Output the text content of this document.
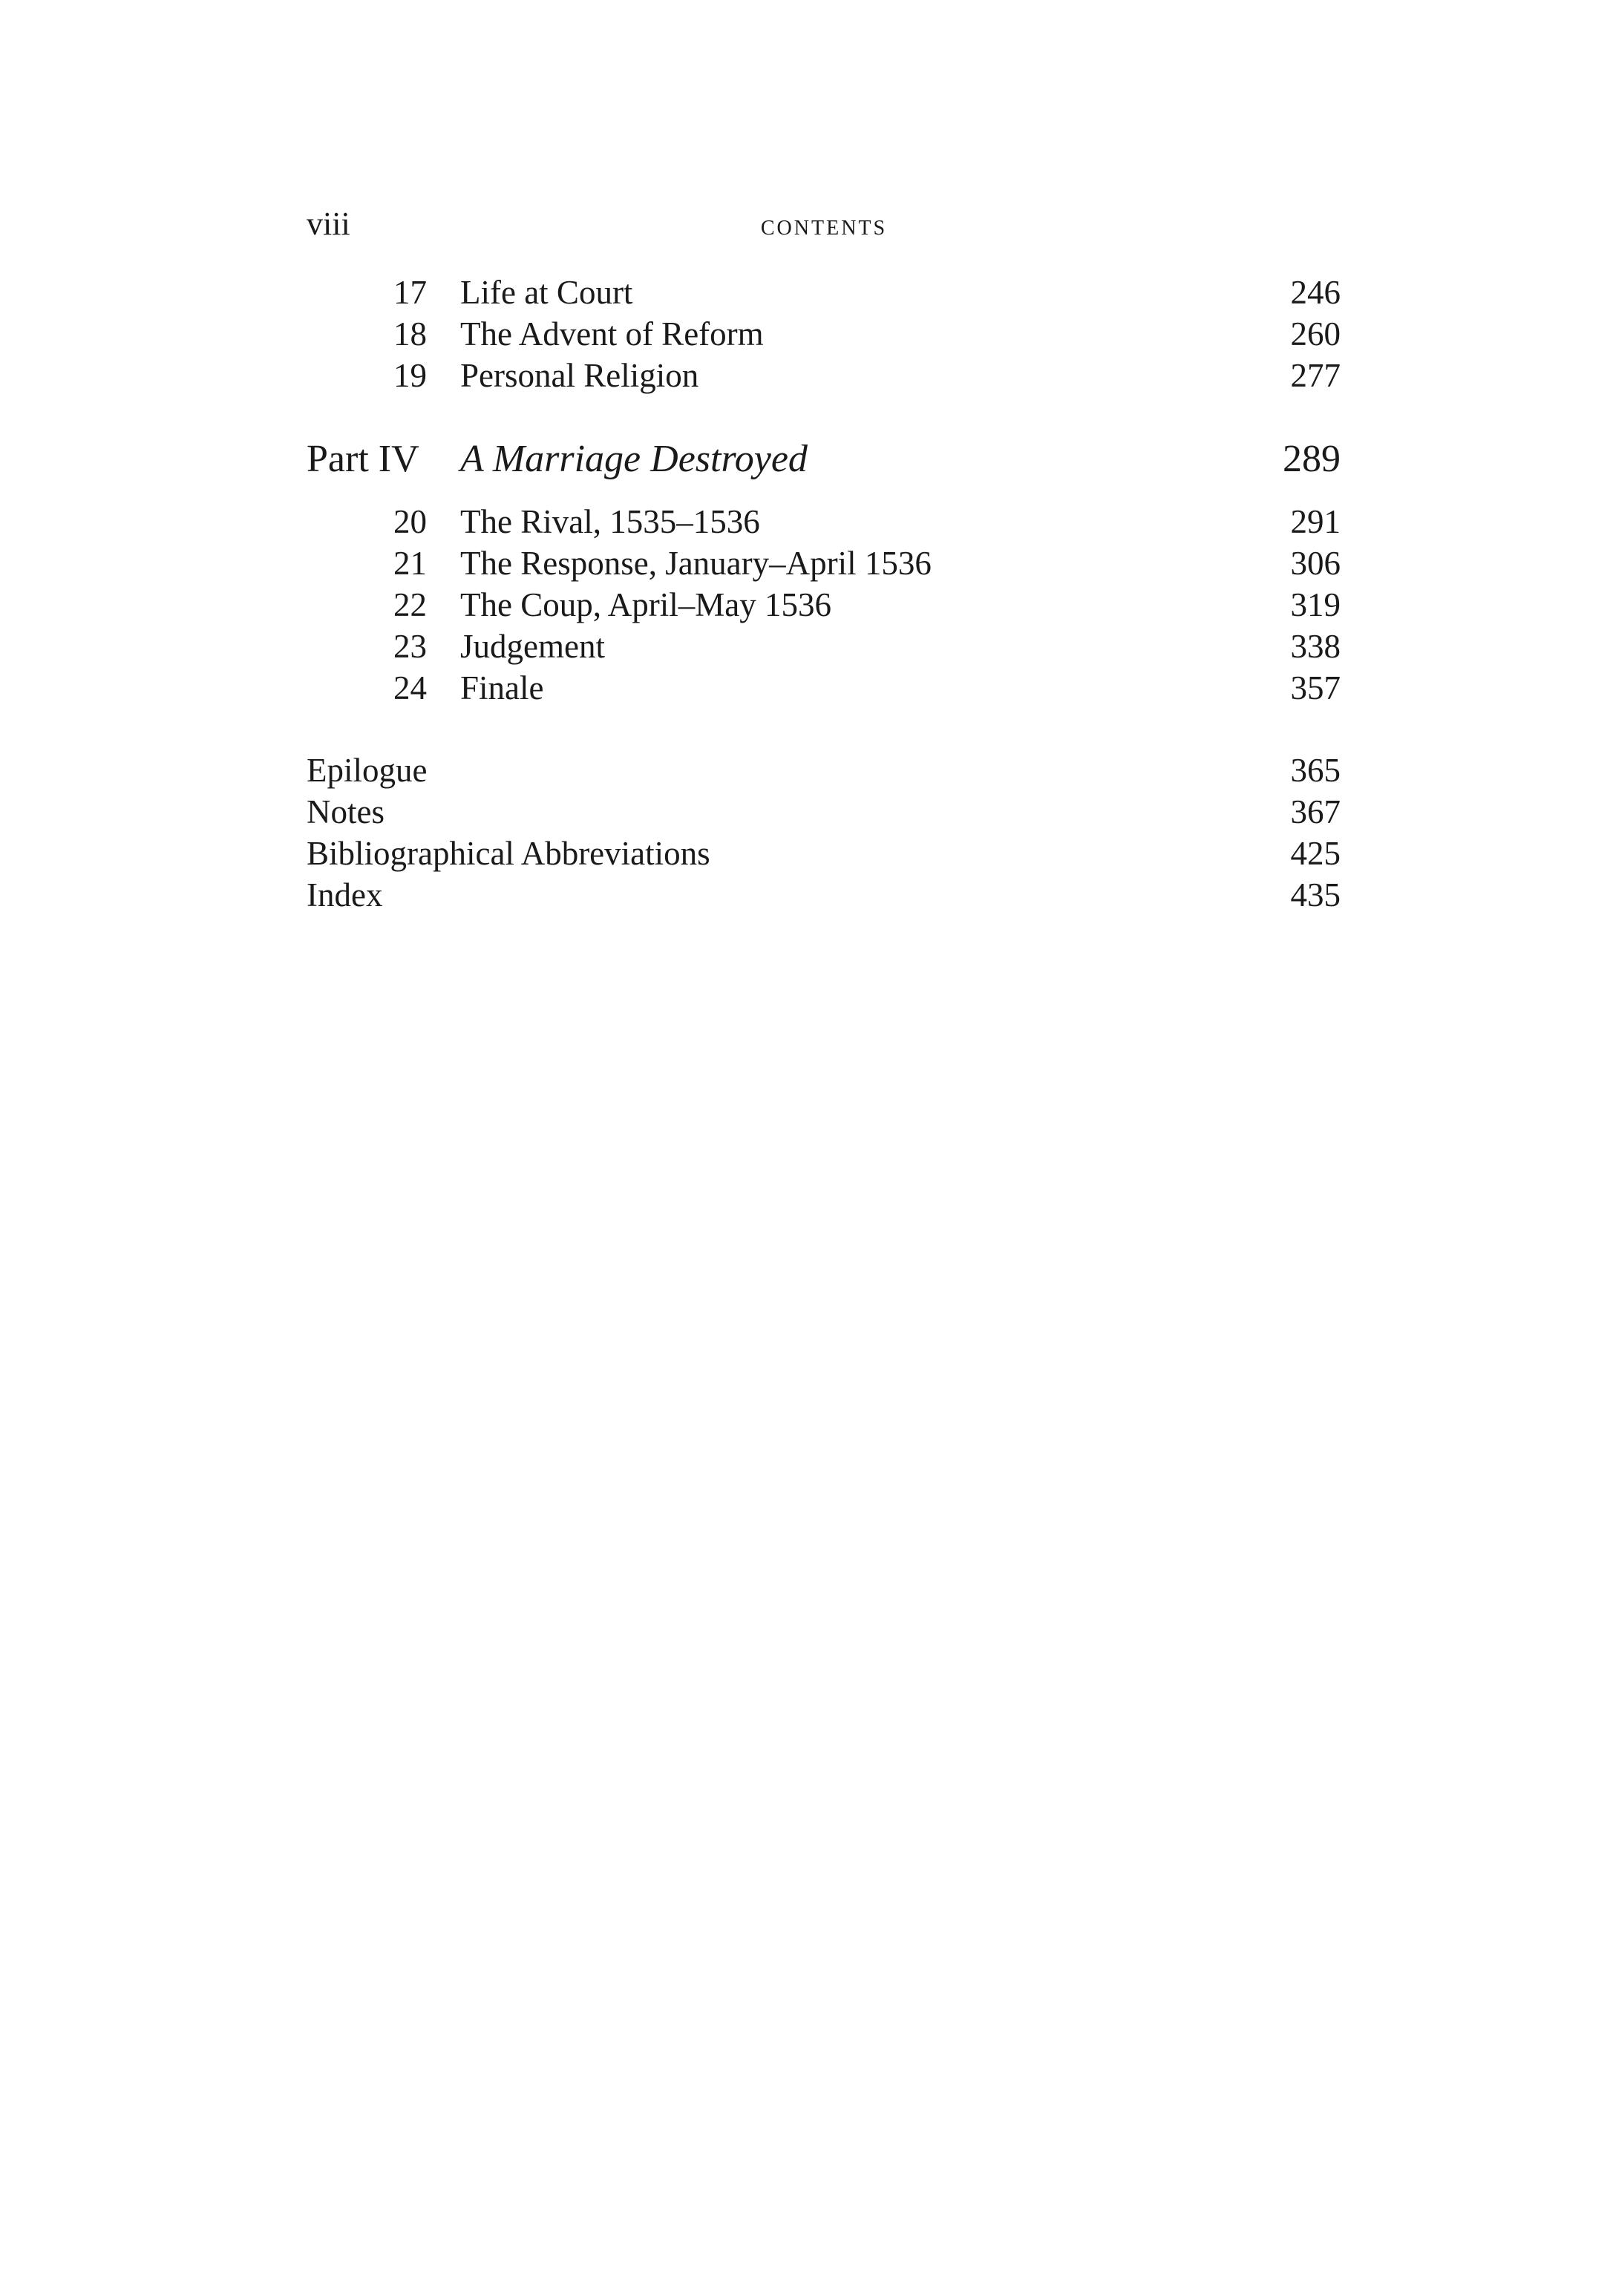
viii	CONTENTS
17 Life at Court	246
18 The Advent of Reform	260
19 Personal Religion	277
Part IV A Marriage Destroyed	289
20 The Rival, 1535–1536	291
21 The Response, January–April 1536	306
22 The Coup, April–May 1536	319
23 Judgement	338
24 Finale	357
Epilogue	365
Notes	367
Bibliographical Abbreviations	425
Index	435
